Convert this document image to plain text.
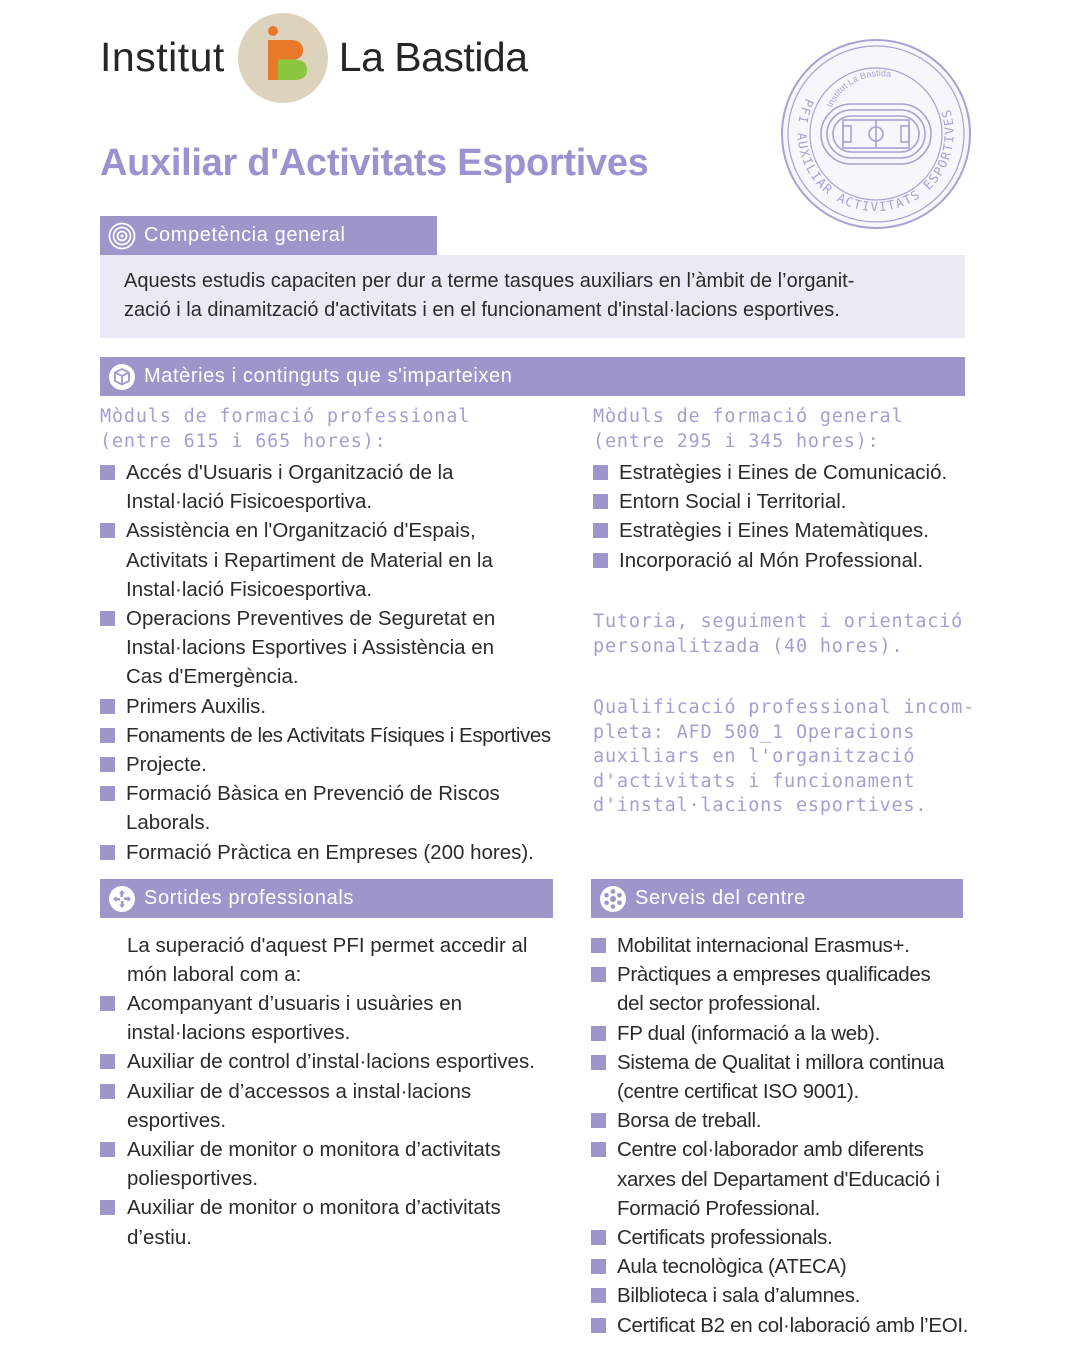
Institut
B
La Bastida
Institut La Bastida
PFI AUXILIAR ACTIVITATS ESPORTIVES
Auxiliar d'Activitats Esportives
Competència general
Aquests estudis capaciten per dur a terme tasques auxiliars en l’àmbit de l’organit-
zació i la dinamització d'activitats i en el funcionament d'instal·lacions esportives.
Matèries i continguts que s'imparteixen
Mòduls de formació professional
(entre 615 i 665 hores):
Accés d'Usuaris i Organització de la
Instal·lació Fisicoesportiva.
Assistència en l'Organització d'Espais,
Activitats i Repartiment de Material en la
Instal·lació Fisicoesportiva.
Operacions Preventives de Seguretat en
Instal·lacions Esportives i Assistència en
Cas d'Emergència.
Primers Auxilis.
Fonaments de les Activitats Físiques i Esportives
Projecte.
Formació Bàsica en Prevenció de Riscos
Laborals.
Formació Pràctica en Empreses (200 hores).
Mòduls de formació general
(entre 295 i 345 hores):
Estratègies i Eines de Comunicació.
Entorn Social i Territorial.
Estratègies i Eines Matemàtiques.
Incorporació al Món Professional.
Tutoria, seguiment i orientació
personalitzada (40 hores).
Qualificació professional incom-
pleta: AFD 500_1 Operacions
auxiliars en l'organització
d'activitats i funcionament
d'instal·lacions esportives.
Sortides professionals
La superació d'aquest PFI permet accedir al
món laboral com a:
Acompanyant d’usuaris i usuàries en
instal·lacions esportives.
Auxiliar de control d’instal·lacions esportives.
Auxiliar de d’accessos a instal·lacions
esportives.
Auxiliar de monitor o monitora d’activitats
poliesportives.
Auxiliar de monitor o monitora d’activitats
d’estiu.
Serveis del centre
Mobilitat internacional Erasmus+.
Pràctiques a empreses qualificades
del sector professional.
FP dual (informació a la web).
Sistema de Qualitat i millora continua
(centre certificat ISO 9001).
Borsa de treball.
Centre col·laborador amb diferents
xarxes del Departament d'Educació i
Formació Professional.
Certificats professionals.
Aula tecnològica (ATECA)
Bilblioteca i sala d’alumnes.
Certificat B2 en col·laboració amb l’EOI.
